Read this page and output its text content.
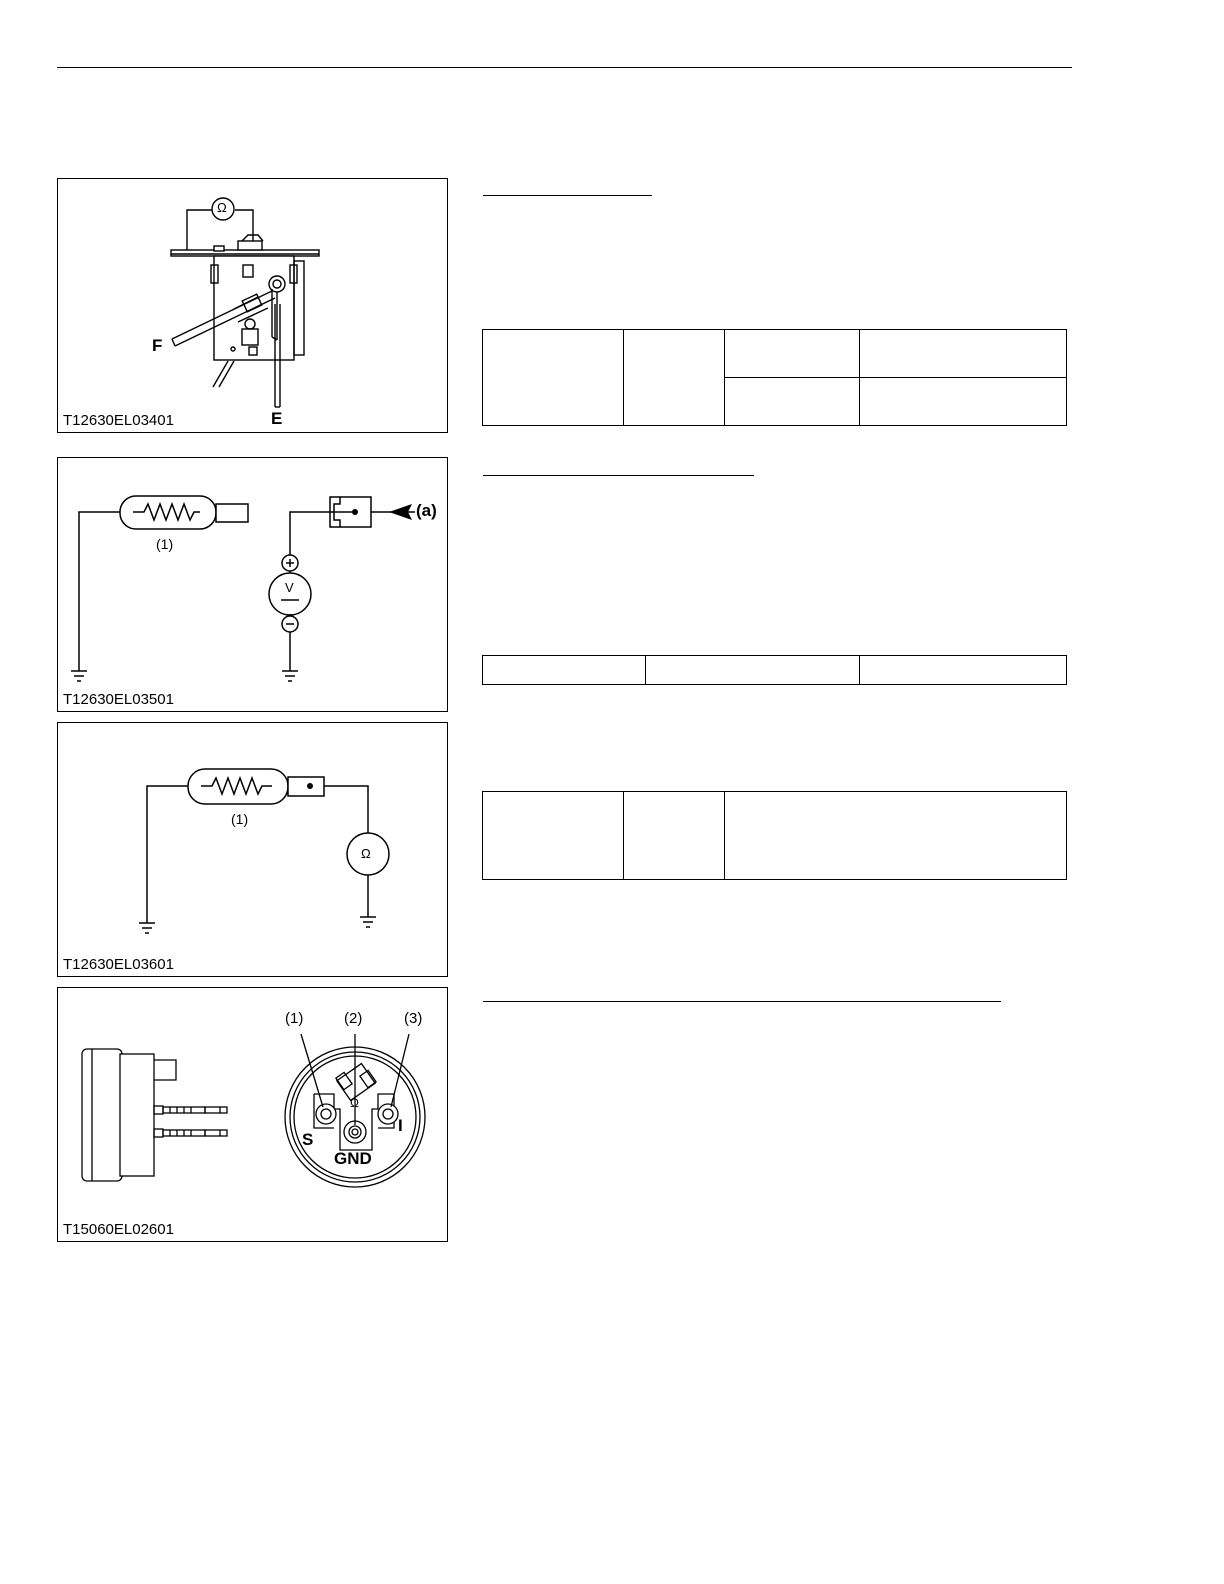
Ω
F
E
T12630EL03401
(1)
V
(a)
T12630EL03501
(1)
Ω
T12630EL03601
(1)	(2)	(3)
Ω
S
GND
I
T15060EL02601
